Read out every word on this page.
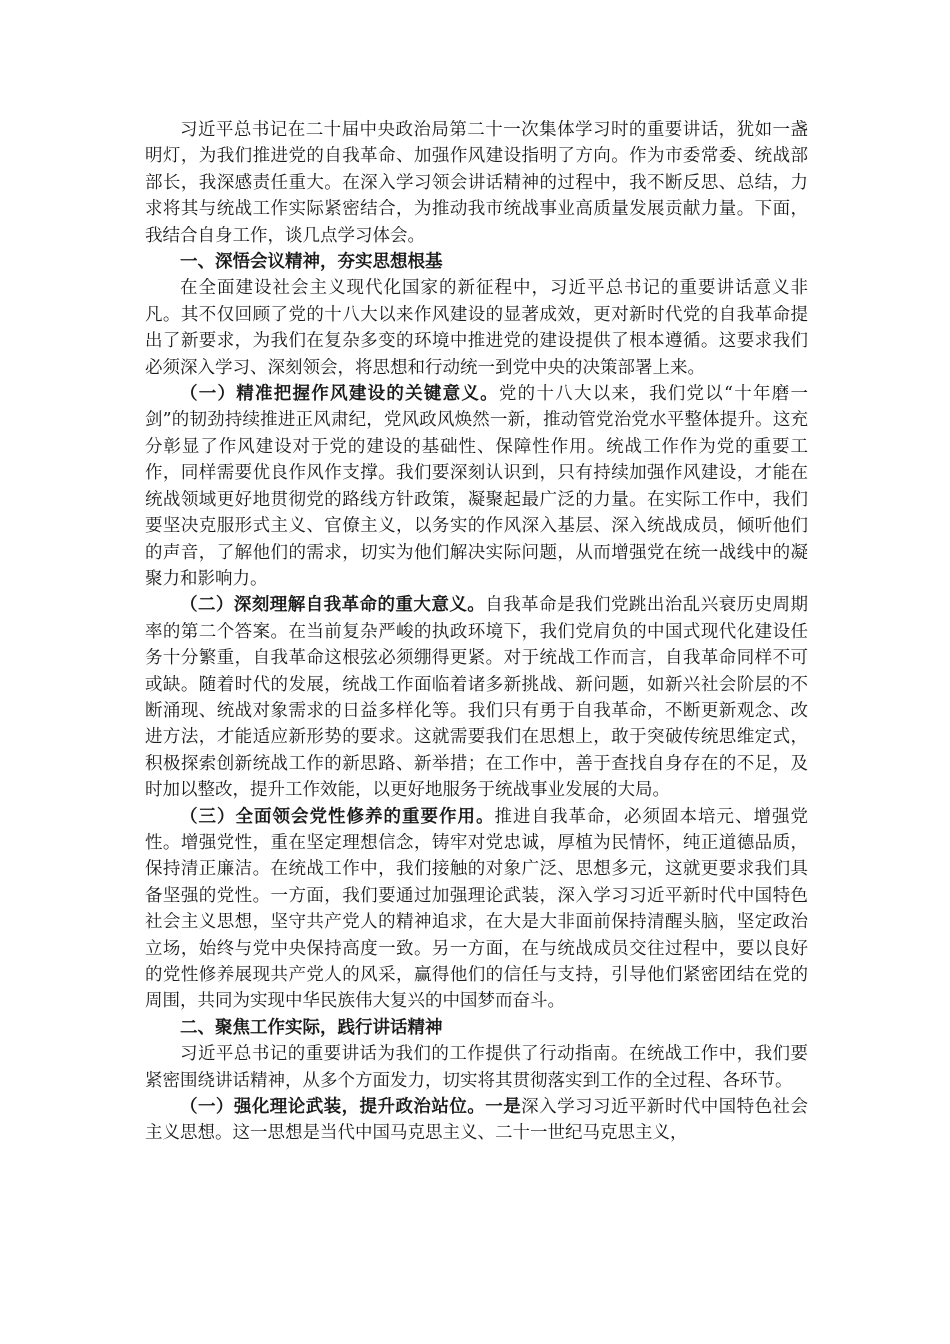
习近平总书记在二十届中央政治局第二十一次集体学习时的重要讲话，犹如一盏明灯，为我们推进党的自我革命、加强作风建设指明了方向。作为市委常委、统战部部长，我深感责任重大。在深入学习领会讲话精神的过程中，我不断反思、总结，力求将其与统战工作实际紧密结合，为推动我市统战事业高质量发展贡献力量。下面，我结合自身工作，谈几点学习体会。

一、深悟会议精神，夯实思想根基

在全面建设社会主义现代化国家的新征程中，习近平总书记的重要讲话意义非凡。其不仅回顾了党的十八大以来作风建设的显著成效，更对新时代党的自我革命提出了新要求，为我们在复杂多变的环境中推进党的建设提供了根本遵循。这要求我们必须深入学习、深刻领会，将思想和行动统一到党中央的决策部署上来。

（一）精准把握作风建设的关键意义。党的十八大以来，我们党以“十年磨一剑”的韧劲持续推进正风肃纪，党风政风焕然一新，推动管党治党水平整体提升。这充分彰显了作风建设对于党的建设的基础性、保障性作用。统战工作作为党的重要工作，同样需要优良作风作支撑。我们要深刻认识到，只有持续加强作风建设，才能在统战领域更好地贯彻党的路线方针政策，凝聚起最广泛的力量。在实际工作中，我们要坚决克服形式主义、官僚主义，以务实的作风深入基层、深入统战成员，倾听他们的声音，了解他们的需求，切实为他们解决实际问题，从而增强党在统一战线中的凝聚力和影响力。

（二）深刻理解自我革命的重大意义。自我革命是我们党跳出治乱兴衰历史周期率的第二个答案。在当前复杂严峻的执政环境下，我们党肩负的中国式现代化建设任务十分繁重，自我革命这根弦必须绷得更紧。对于统战工作而言，自我革命同样不可或缺。随着时代的发展，统战工作面临着诸多新挑战、新问题，如新兴社会阶层的不断涌现、统战对象需求的日益多样化等。我们只有勇于自我革命，不断更新观念、改进方法，才能适应新形势的要求。这就需要我们在思想上，敢于突破传统思维定式，积极探索创新统战工作的新思路、新举措；在工作中，善于查找自身存在的不足，及时加以整改，提升工作效能，以更好地服务于统战事业发展的大局。

（三）全面领会党性修养的重要作用。推进自我革命，必须固本培元、增强党性。增强党性，重在坚定理想信念，铸牢对党忠诚，厚植为民情怀，纯正道德品质，保持清正廉洁。在统战工作中，我们接触的对象广泛、思想多元，这就更要求我们具备坚强的党性。一方面，我们要通过加强理论武装，深入学习习近平新时代中国特色社会主义思想，坚守共产党人的精神追求，在大是大非面前保持清醒头脑，坚定政治立场，始终与党中央保持高度一致。另一方面，在与统战成员交往过程中，要以良好的党性修养展现共产党人的风采，赢得他们的信任与支持，引导他们紧密团结在党的周围，共同为实现中华民族伟大复兴的中国梦而奋斗。

二、聚焦工作实际，践行讲话精神

习近平总书记的重要讲话为我们的工作提供了行动指南。在统战工作中，我们要紧密围绕讲话精神，从多个方面发力，切实将其贯彻落实到工作的全过程、各环节。

（一）强化理论武装，提升政治站位。一是深入学习习近平新时代中国特色社会主义思想。这一思想是当代中国马克思主义、二十一世纪马克思主义，
